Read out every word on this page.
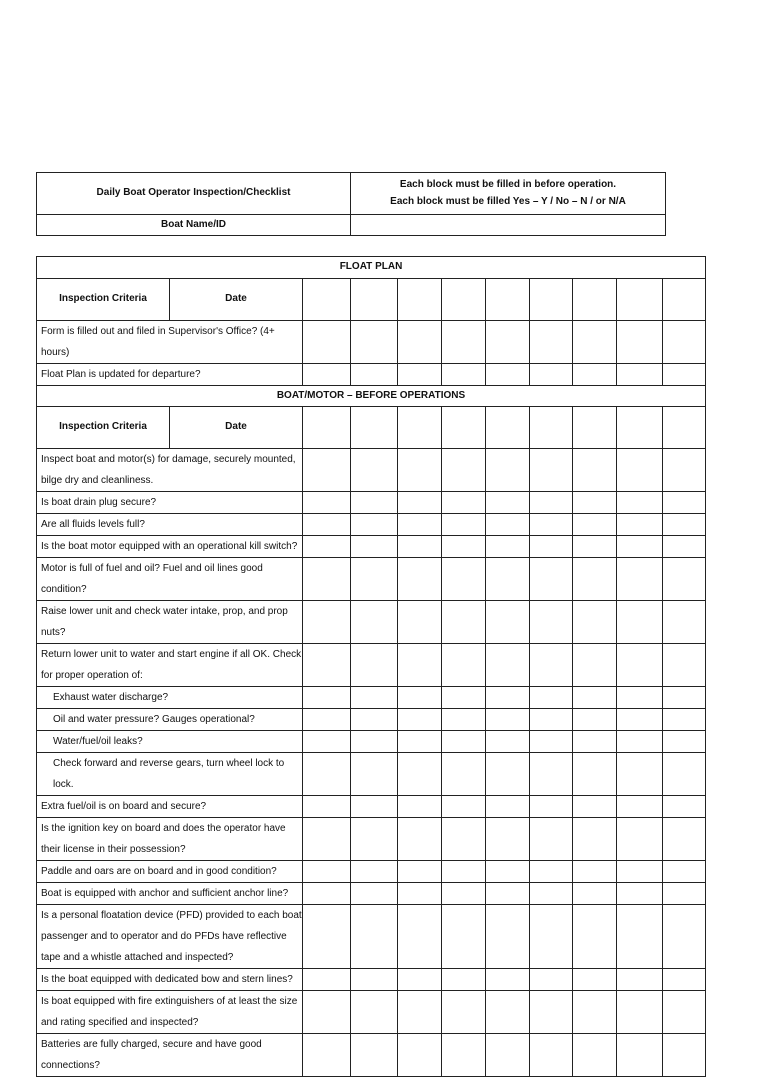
Daily Boat Operator Inspection/Checklist	Each block must be filled in before operation.
Each block must be filled Yes – Y / No – N / or N/A

Boat Name/ID	
FLOAT PLAN										
Inspection Criteria	Date									
Form is filled out and filed in Supervisor's Office? (4+ hours)										
Float Plan is updated for departure?										
BOAT/MOTOR – BEFORE OPERATIONS										
Inspection Criteria	Date									
Inspect boat and motor(s) for damage, securely mounted, bilge dry and cleanliness.										
Is boat drain plug secure?										
Are all fluids levels full?										
Is the boat motor equipped with an operational kill switch?										
Motor is full of fuel and oil? Fuel and oil lines good condition?										
Raise lower unit and check water intake, prop, and prop nuts?										
Return lower unit to water and start engine if all OK. Check for proper operation of:										
Exhaust water discharge?										
Oil and water pressure? Gauges operational?										
Water/fuel/oil leaks?										
Check forward and reverse gears, turn wheel lock to lock.										
Extra fuel/oil is on board and secure?										
Is the ignition key on board and does the operator have their license in their possession?										
Paddle and oars are on board and in good condition?										
Boat is equipped with anchor and sufficient anchor line?										
Is a personal floatation device (PFD) provided to each boat passenger and to operator and do PFDs have reflective tape and a whistle attached and inspected?										
Is the boat equipped with dedicated bow and stern lines?										
Is boat equipped with fire extinguishers of at least the size and rating specified and inspected?										
Batteries are fully charged, secure and have good connections?										
